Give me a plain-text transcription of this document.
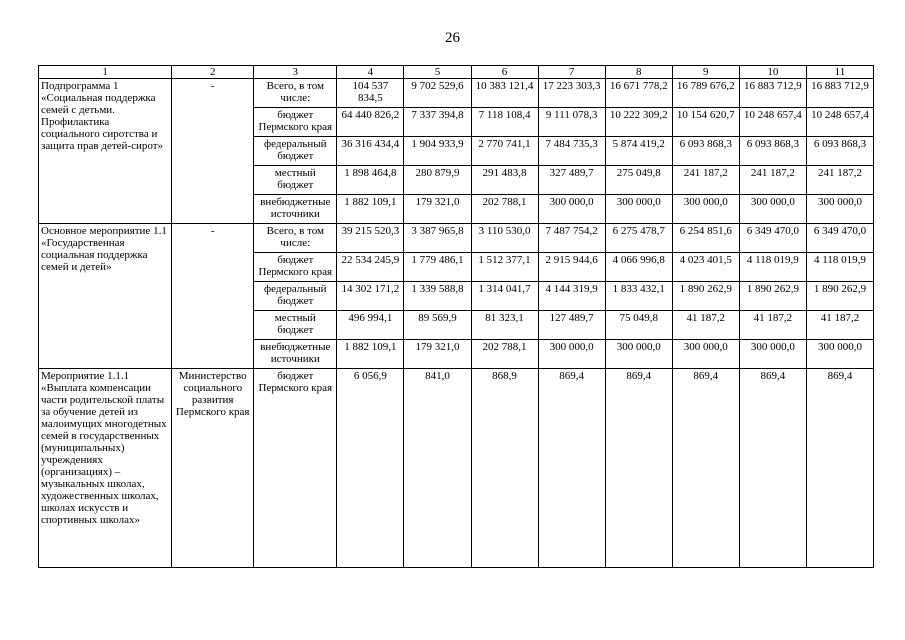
26
1	2	3	4	5	6	7	8	9	10	11
Подпрограмма 1 «Социальная поддержка семей с детьми. Профилактика социального сиротства и защита прав детей-сирот»	-	Всего, в том числе:	104 537 834,5	9 702 529,6	10 383 121,4	17 223 303,3	16 671 778,2	16 789 676,2	16 883 712,9	16 883 712,9
		бюджет Пермского края	64 440 826,2	7 337 394,8	7 118 108,4	9 111 078,3	10 222 309,2	10 154 620,7	10 248 657,4	10 248 657,4
		федеральный бюджет	36 316 434,4	1 904 933,9	2 770 741,1	7 484 735,3	5 874 419,2	6 093 868,3	6 093 868,3	6 093 868,3
		местный бюджет	1 898 464,8	280 879,9	291 483,8	327 489,7	275 049,8	241 187,2	241 187,2	241 187,2
		внебюджетные источники	1 882 109,1	179 321,0	202 788,1	300 000,0	300 000,0	300 000,0	300 000,0	300 000,0
Основное мероприятие 1.1 «Государственная социальная поддержка семей и детей»	-	Всего, в том числе:	39 215 520,3	3 387 965,8	3 110 530,0	7 487 754,2	6 275 478,7	6 254 851,6	6 349 470,0	6 349 470,0
		бюджет Пермского края	22 534 245,9	1 779 486,1	1 512 377,1	2 915 944,6	4 066 996,8	4 023 401,5	4 118 019,9	4 118 019,9
		федеральный бюджет	14 302 171,2	1 339 588,8	1 314 041,7	4 144 319,9	1 833 432,1	1 890 262,9	1 890 262,9	1 890 262,9
		местный бюджет	496 994,1	89 569,9	81 323,1	127 489,7	75 049,8	41 187,2	41 187,2	41 187,2
		внебюджетные источники	1 882 109,1	179 321,0	202 788,1	300 000,0	300 000,0	300 000,0	300 000,0	300 000,0
Мероприятие 1.1.1 «Выплата компенсации части родительской платы за обучение детей из малоимущих многодетных семей в государственных (муниципальных) учреждениях (организациях) – музыкальных школах, художественных школах, школах искусств и спортивных школах»	Министерство социального развития Пермского края	бюджет Пермского края	6 056,9	841,0	868,9	869,4	869,4	869,4	869,4	869,4
